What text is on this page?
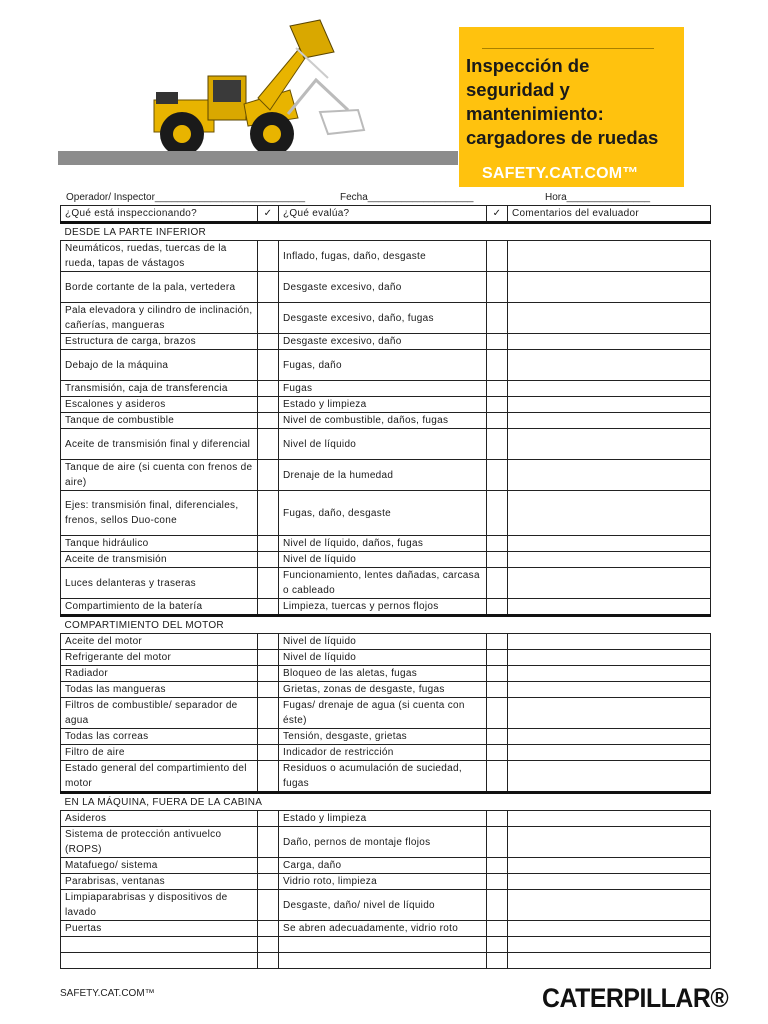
Inspección de
seguridad y
mantenimiento:
cargadores de ruedas
SAFETY.CAT.COM™
Operador/ Inspector___________________________	Fecha___________________	Hora_______________
¿Qué está inspeccionando?	✓	¿Qué evalúa?	✓	Comentarios del evaluador
DESDE LA PARTE INFERIOR				
Neumáticos, ruedas, tuercas de la rueda, tapas de vástagos		Inflado, fugas, daño, desgaste		
Borde cortante de la pala, vertedera		Desgaste excesivo, daño		
Pala elevadora y cilindro de inclinación, cañerías, mangueras		Desgaste excesivo, daño, fugas		
Estructura de carga, brazos		Desgaste excesivo, daño		
Debajo de la máquina		Fugas, daño		
Transmisión, caja de transferencia		Fugas		
Escalones y asideros		Estado y limpieza		
Tanque de combustible		Nivel de combustible, daños, fugas		
Aceite de transmisión final y diferencial		Nivel de líquido		
Tanque de aire (si cuenta con frenos de aire)		Drenaje de la humedad		
Ejes: transmisión final, diferenciales, frenos, sellos Duo-cone		Fugas, daño, desgaste		
Tanque hidráulico		Nivel de líquido, daños, fugas		
Aceite de transmisión		Nivel de líquido		
Luces delanteras y traseras		Funcionamiento, lentes dañadas, carcasa o cableado		
Compartimiento de la batería		Limpieza, tuercas y pernos flojos		
COMPARTIMIENTO DEL MOTOR				
Aceite del motor		Nivel de líquido		
Refrigerante del motor		Nivel de líquido		
Radiador		Bloqueo de las aletas, fugas		
Todas las mangueras		Grietas, zonas de desgaste, fugas		
Filtros de combustible/ separador de agua		Fugas/ drenaje de agua (si cuenta con éste)		
Todas las correas		Tensión, desgaste, grietas		
Filtro de aire		Indicador de restricción		
Estado general del compartimiento del motor		Residuos o acumulación de suciedad, fugas		
EN LA MÁQUINA, FUERA DE LA CABINA				
Asideros		Estado y limpieza		
Sistema de protección antivuelco (ROPS)		Daño, pernos de montaje flojos		
Matafuego/ sistema		Carga, daño		
Parabrisas, ventanas		Vidrio roto, limpieza		
Limpiaparabrisas y dispositivos de lavado		Desgaste, daño/ nivel de líquido		
Puertas		Se abren adecuadamente, vidrio roto		

SAFETY.CAT.COM™	CATERPILLAR®
